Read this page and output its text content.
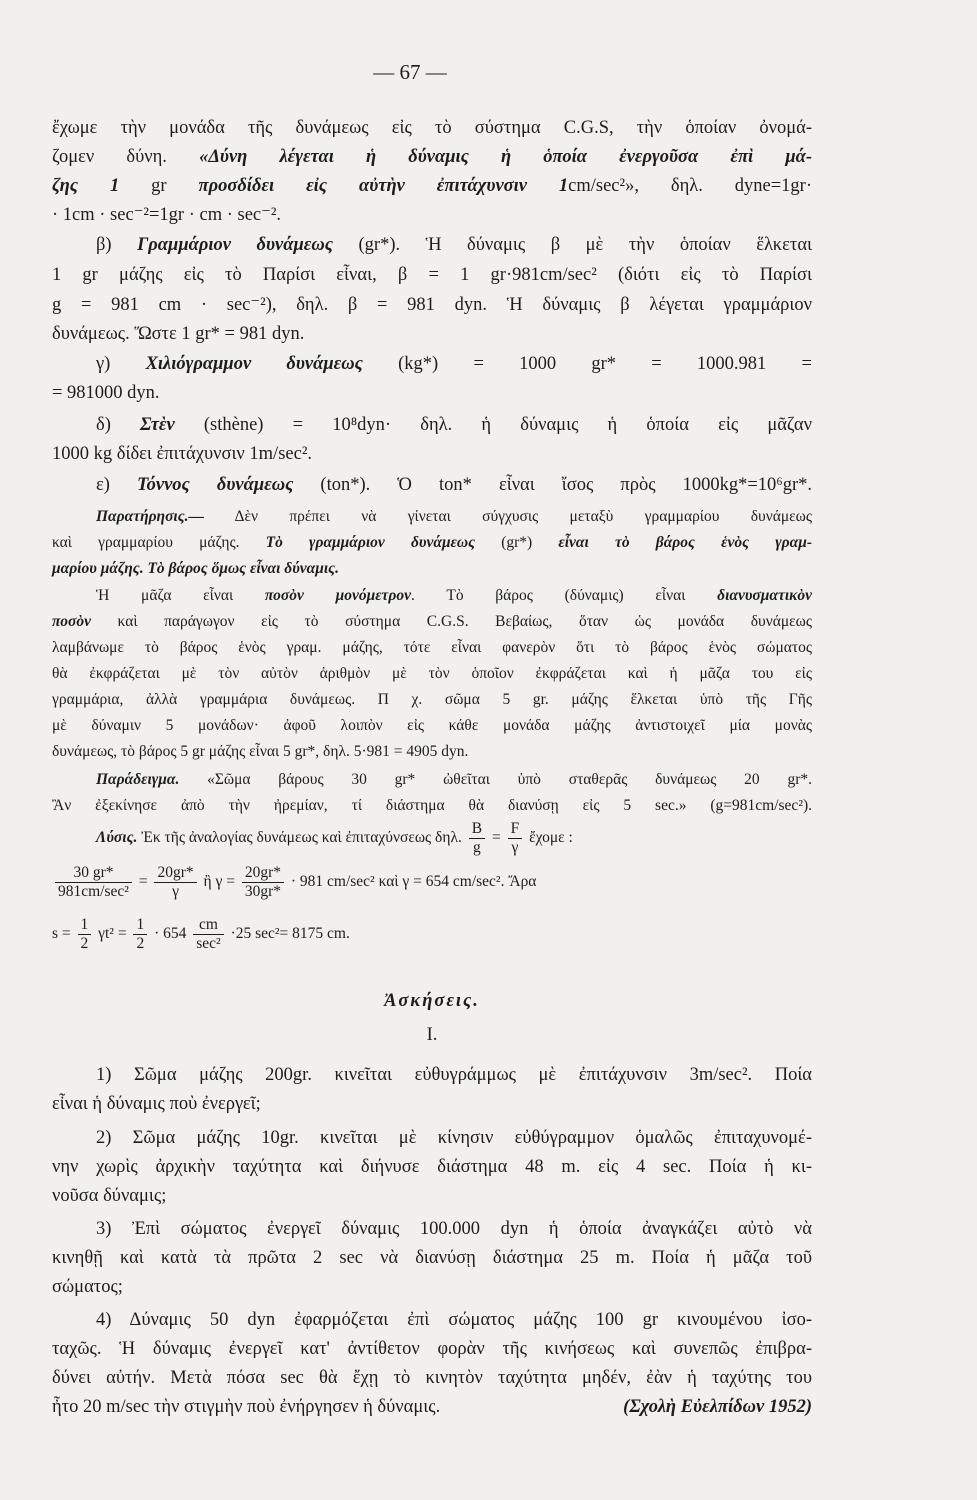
— 67 —
ἔχωμε τὴν μονάδα τῆς δυνάμεως εἰς τὸ σύστημα C.G.S, τὴν ὁποίαν ὀνομά-
ζομεν δύνη. «Δύνη λέγεται ἡ δύναμις ἡ ὁποία ἐνεργοῦσα ἐπὶ μά-
ζης 1 gr προσδίδει εἰς αὐτὴν ἐπιτάχυνσιν 1cm/sec²», δηλ. dyne=1gr·
· 1cm · sec⁻²=1gr · cm · sec⁻².
β) Γραμμάριον δυνάμεως (gr*). Ἡ δύναμις β μὲ τὴν ὁποίαν ἕλκεται
1 gr μάζης εἰς τὸ Παρίσι εἶναι, β = 1 gr·981cm/sec² (διότι εἰς τὸ Παρίσι
g = 981 cm · sec⁻²), δηλ. β = 981 dyn. Ἡ δύναμις β λέγεται γραμμάριον
δυνάμεως. Ὥστε 1 gr* = 981 dyn.
γ) Χιλιόγραμμον δυνάμεως (kg*) = 1000 gr* = 1000.981 =
= 981000 dyn.
δ) Στὲν (sthène) = 10⁸dyn· δηλ. ἡ δύναμις ἡ ὁποία εἰς μᾶζαν
1000 kg δίδει ἐπιτάχυνσιν 1m/sec².
ε) Τόννος δυνάμεως (ton*). Ὁ ton* εἶναι ἴσος πρὸς 1000kg*=10⁶gr*.
Παρατήρησις.— Δὲν πρέπει νὰ γίνεται σύγχυσις μεταξὺ γραμμαρίου δυνάμεως
καὶ γραμμαρίου μάζης. Τὸ γραμμάριον δυνάμεως (gr*) εἶναι τὸ βάρος ἑνὸς γραμ-
μαρίου μάζης. Τὸ βάρος ὅμως εἶναι δύναμις.
Ἡ μᾶζα εἶναι ποσὸν μονόμετρον. Τὸ βάρος (δύναμις) εἶναι διανυσματικὸν
ποσὸν καὶ παράγωγον εἰς τὸ σύστημα C.G.S. Βεβαίως, ὅταν ὡς μονάδα δυνάμεως
λαμβάνωμε τὸ βάρος ἑνὸς γραμ. μάζης, τότε εἶναι φανερὸν ὅτι τὸ βάρος ἑνὸς σώματος
θὰ ἐκφράζεται μὲ τὸν αὐτὸν ἀριθμὸν μὲ τὸν ὁποῖον ἐκφράζεται καὶ ἡ μᾶζα του εἰς
γραμμάρια, ἀλλὰ γραμμάρια δυνάμεως. Π χ. σῶμα 5 gr. μάζης ἕλκεται ὑπὸ τῆς Γῆς
μὲ δύναμιν 5 μονάδων· ἀφοῦ λοιπὸν εἰς κάθε μονάδα μάζης ἀντιστοιχεῖ μία μονὰς
δυνάμεως, τὸ βάρος 5 gr μάζης εἶναι 5 gr*, δηλ. 5·981 = 4905 dyn.
Παράδειγμα. «Σῶμα βάρους 30 gr* ὠθεῖται ὑπὸ σταθερᾶς δυνάμεως 20 gr*.
Ἂν ἐξεκίνησε ἀπὸ τὴν ἠρεμίαν, τί διάστημα θὰ διανύσῃ εἰς 5 sec.» (g=981cm/sec²).
Λύσις. Ἐκ τῆς ἀναλογίας δυνάμεως καὶ ἐπιταχύνσεως δηλ. $\frac{B}{g} = \frac{F}{\gamma}$ ἔχομε :
$\frac{30 gr*}{\text{981cm/sec²}} = \frac{20gr*}{\gamma}$ ἢ $\gamma = \frac{20gr*}{30gr*} \cdot 981$ cm/sec² καὶ γ = 654 cm/sec². Ἄρα
$s = \frac{1}{2} \gamma t^2 = \frac{1}{2} \cdot 654 \frac{cm}{\text{sec²}} \cdot 25$ sec²= 8175 cm.
Ἀσκήσεις.
I.
1) Σῶμα μάζης 200gr. κινεῖται εὐθυγράμμως μὲ ἐπιτάχυνσιν 3m/sec². Ποία
εἶναι ἡ δύναμις ποὺ ἐνεργεῖ;
2) Σῶμα μάζης 10gr. κινεῖται μὲ κίνησιν εὐθύγραμμον ὁμαλῶς ἐπιταχυνομέ-
νην χωρὶς ἀρχικὴν ταχύτητα καὶ διήνυσε διάστημα 48 m. εἰς 4 sec. Ποία ἡ κι-
νοῦσα δύναμις;
3) Ἐπὶ σώματος ἐνεργεῖ δύναμις 100.000 dyn ἡ ὁποία ἀναγκάζει αὐτὸ νὰ
κινηθῇ καὶ κατὰ τὰ πρῶτα 2 sec νὰ διανύσῃ διάστημα 25 m. Ποία ἡ μᾶζα τοῦ
σώματος;
4) Δύναμις 50 dyn ἐφαρμόζεται ἐπὶ σώματος μάζης 100 gr κινουμένου ἰσο-
ταχῶς. Ἡ δύναμις ἐνεργεῖ κατ' ἀντίθετον φορὰν τῆς κινήσεως καὶ συνεπῶς ἐπιβρα-
δύνει αὐτήν. Μετὰ πόσα sec θὰ ἔχῃ τὸ κινητὸν ταχύτητα μηδέν, ἐὰν ἡ ταχύτης του
ἦτο 20 m/sec τὴν στιγμὴν ποὺ ἐνήργησεν ἡ δύναμις.	(Σχολὴ Εὐελπίδων 1952)
